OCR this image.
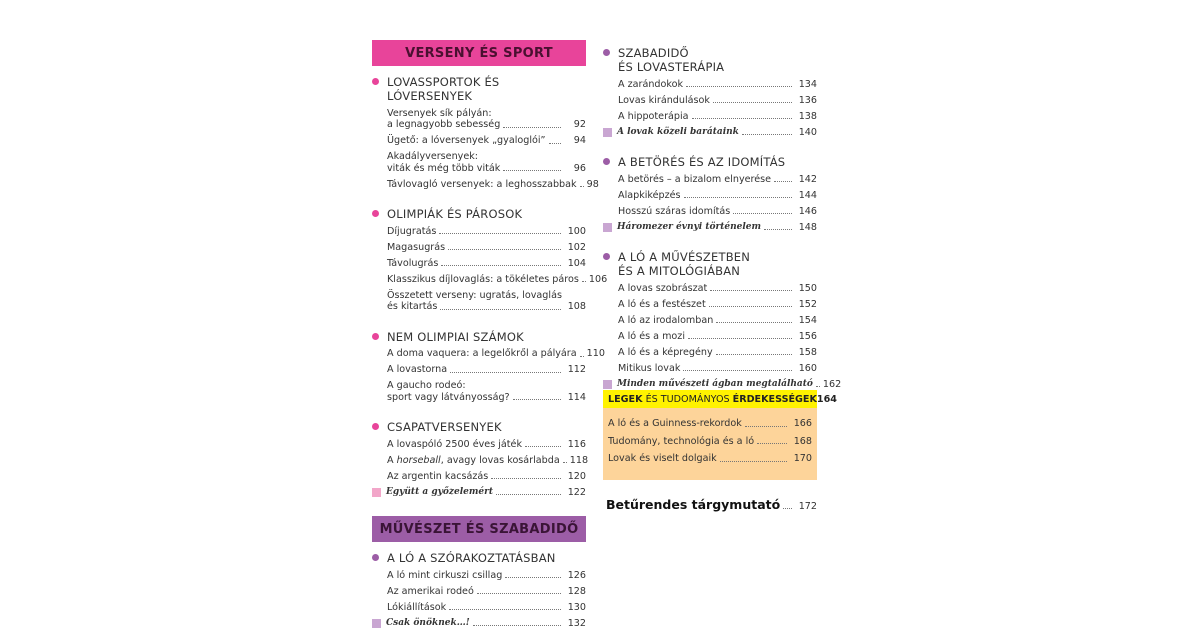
VERSENY ÉS SPORT
LOVASSPORTOK ÉS LÓVERSENYEK
Versenyek sík pályán:
a legnagyobb sebesség	92
Ügető: a lóversenyek „gyaloglói”	94
Akadályversenyek:
viták és még több viták	96
Távlovagló versenyek: a leghosszabbak 98
OLIMPIÁK ÉS PÁROSOK
Díjugratás	100
Magasugrás	102
Távolugrás	104
Klasszikus díjlovaglás: a tökéletes páros 106
Összetett verseny: ugratás, lovaglás
és kitartás	108
NEM OLIMPIAI SZÁMOK
A doma vaquera: a legelőkről a pályára 110
A lovastorna	112
A gaucho rodeó:
sport vagy látványosság?	114
CSAPATVERSENYEK
A lovaspóló 2500 éves játék	116
A horseball, avagy lovas kosárlabda 118
Az argentin kacsázás	120
Együtt a győzelemért	122
MŰVÉSZET ÉS SZABADIDŐ
A LÓ A SZÓRAKOZTATÁSBAN
A ló mint cirkuszi csillag	126
Az amerikai rodeó	128
Lókiállítások	130
Csak önöknek…!	132
SZABADIDŐ
ÉS LOVASTERÁPIA
A zarándokok	134
Lovas kirándulások	136
A hippoterápia	138
A lovak közeli barátaink	140
A BETÖRÉS ÉS AZ IDOMÍTÁS
A betörés – a bizalom elnyerése	142
Alapkiképzés	144
Hosszú száras idomítás	146
Háromezer évnyi történelem	148
A LÓ A MŰVÉSZETBEN
ÉS A MITOLÓGIÁBAN
A lovas szobrászat	150
A ló és a festészet	152
A ló az irodalomban	154
A ló és a mozi	156
A ló és a képregény	158
Mitikus lovak	160
Minden művészeti ágban megtalálható 162
LEGEK ÉS TUDOMÁNYOS ÉRDEKESSÉGEK 164
A ló és a Guinness-rekordok	166
Tudomány, technológia és a ló	168
Lovak és viselt dolgaik	170
Betűrendes tárgymutató	172
